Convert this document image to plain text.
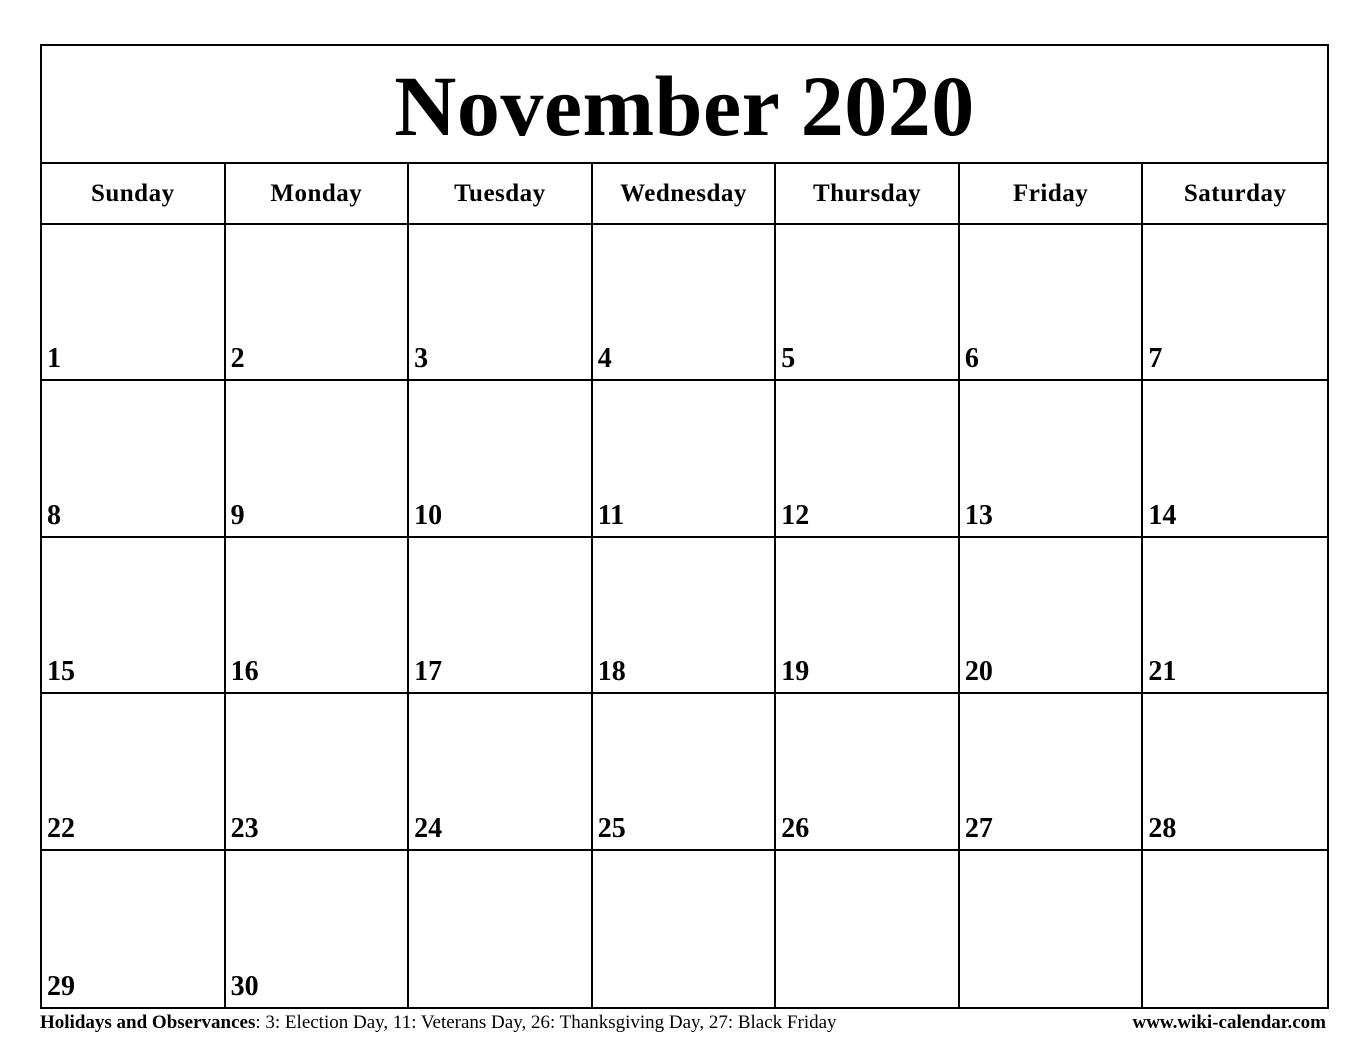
November 2020
Sunday	Monday	Tuesday	Wednesday	Thursday	Friday	Saturday
1	2	3	4	5	6	7
8	9	10	11	12	13	14
15	16	17	18	19	20	21
22	23	24	25	26	27	28
29	30
Holidays and Observances: 3: Election Day, 11: Veterans Day, 26: Thanksgiving Day, 27: Black Friday	www.wiki-calendar.com
